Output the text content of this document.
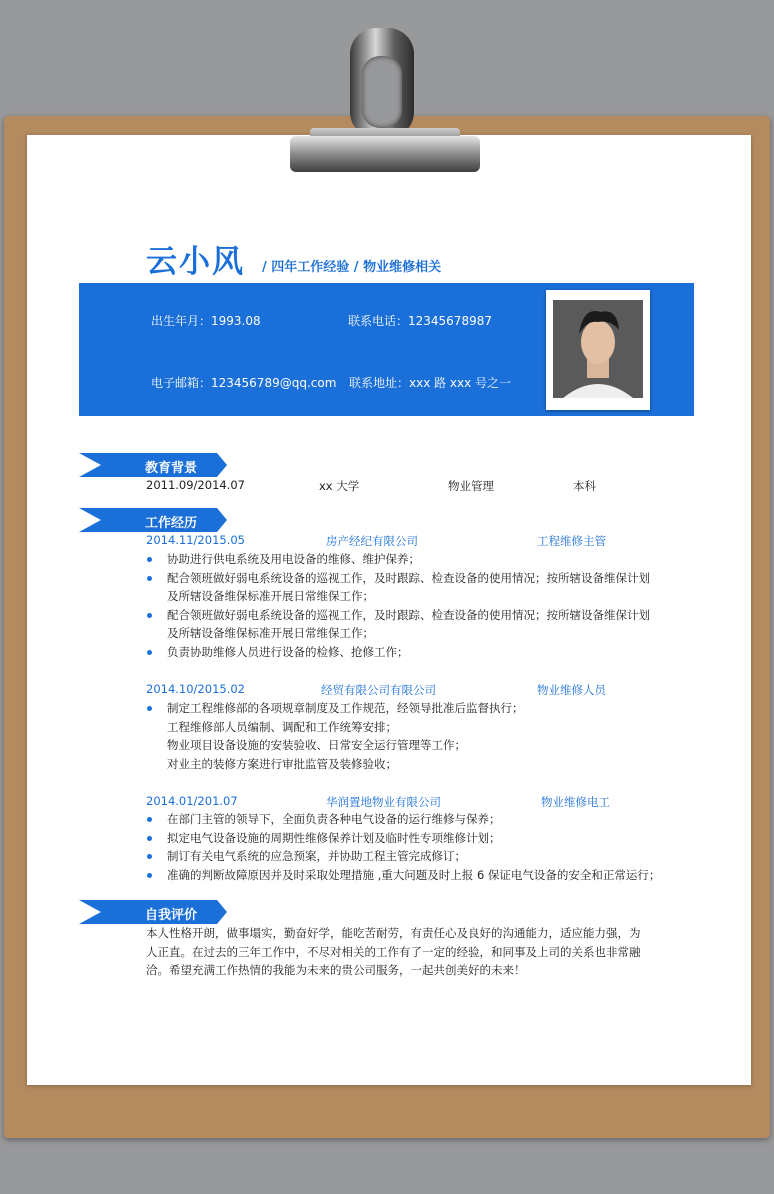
云小风 / 四年工作经验 / 物业维修相关
出生年月：1993.08	联系电话：12345678987
电子邮箱：123456789@qq.com 联系地址：xxx 路 xxx 号之一
教育背景
2011.09/2014.07	xx 大学	物业管理	本科
工作经历
2014.11/2015.05	房产经纪有限公司	工程维修主管
协助进行供电系统及用电设备的维修、维护保养；
配合领班做好弱电系统设备的巡视工作，及时跟踪、检查设备的使用情况；按所辖设备维保计划
及所辖设备维保标准开展日常维保工作；
配合领班做好弱电系统设备的巡视工作，及时跟踪、检查设备的使用情况；按所辖设备维保计划
及所辖设备维保标准开展日常维保工作；
负责协助维修人员进行设备的检修、抢修工作；
2014.10/2015.02	经贸有限公司有限公司	物业维修人员
制定工程维修部的各项规章制度及工作规范，经领导批准后监督执行；
工程维修部人员编制、调配和工作统筹安排；
物业项目设备设施的安装验收、日常安全运行管理等工作；
对业主的装修方案进行审批监管及装修验收；
2014.01/201.07	华润置地物业有限公司	物业维修电工
在部门主管的领导下，全面负责各种电气设备的运行维修与保养；
拟定电气设备设施的周期性维修保养计划及临时性专项维修计划；
制订有关电气系统的应急预案，并协助工程主管完成修订；
准确的判断故障原因并及时采取处理措施 ,重大问题及时上报 6 保证电气设备的安全和正常运行；
自我评价
本人性格开朗，做事塌实，勤奋好学，能吃苦耐劳，有责任心及良好的沟通能力，适应能力强，为人正直。在过去的三年工作中，不尽对相关的工作有了一定的经验，和同事及上司的关系也非常融洽。希望充满工作热情的我能为未来的贵公司服务，一起共创美好的未来！
